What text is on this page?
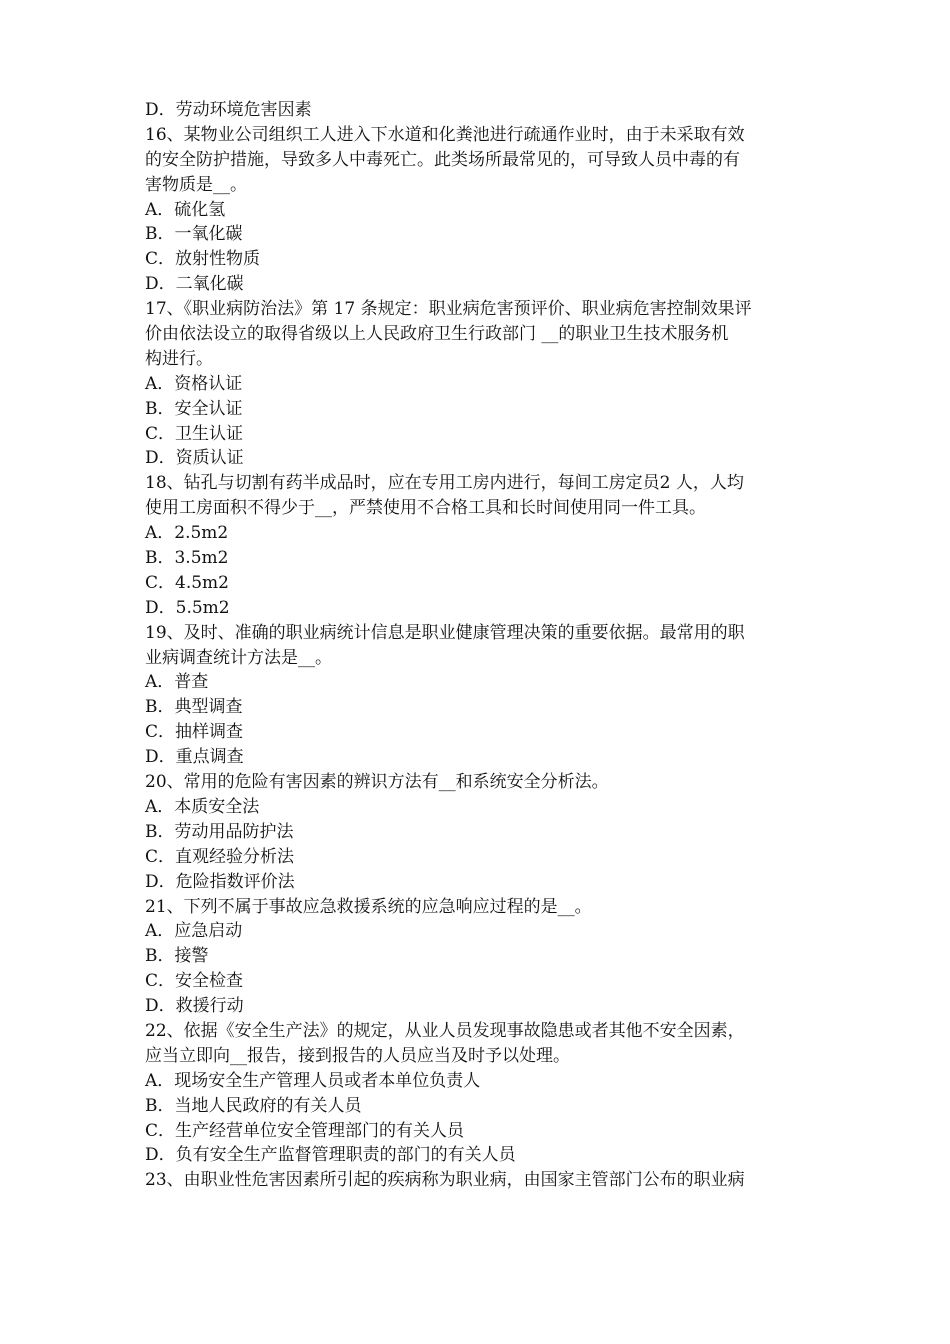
D．劳动环境危害因素
16、某物业公司组织工人进入下水道和化粪池进行疏通作业时，由于未采取有效
的安全防护措施，导致多人中毒死亡。此类场所最常见的，可导致人员中毒的有
害物质是__。
A．硫化氢
B．一氧化碳
C．放射性物质
D．二氧化碳
17、《职业病防治法》第 17 条规定：职业病危害预评价、职业病危害控制效果评
价由依法设立的取得省级以上人民政府卫生行政部门 __的职业卫生技术服务机
构进行。
A．资格认证
B．安全认证
C．卫生认证
D．资质认证
18、钻孔与切割有药半成品时，应在专用工房内进行，每间工房定员2 人，人均
使用工房面积不得少于__，严禁使用不合格工具和长时间使用同一件工具。
A．2.5m2
B．3.5m2
C．4.5m2
D．5.5m2
19、及时、准确的职业病统计信息是职业健康管理决策的重要依据。最常用的职
业病调查统计方法是__。
A．普查
B．典型调查
C．抽样调查
D．重点调查
20、常用的危险有害因素的辨识方法有__和系统安全分析法。
A．本质安全法
B．劳动用品防护法
C．直观经验分析法
D．危险指数评价法
21、下列不属于事故应急救援系统的应急响应过程的是__。
A．应急启动
B．接警
C．安全检查
D．救援行动
22、依据《安全生产法》的规定，从业人员发现事故隐患或者其他不安全因素，
应当立即向__报告，接到报告的人员应当及时予以处理。
A．现场安全生产管理人员或者本单位负责人
B．当地人民政府的有关人员
C．生产经营单位安全管理部门的有关人员
D．负有安全生产监督管理职责的部门的有关人员
23、由职业性危害因素所引起的疾病称为职业病，由国家主管部门公布的职业病
